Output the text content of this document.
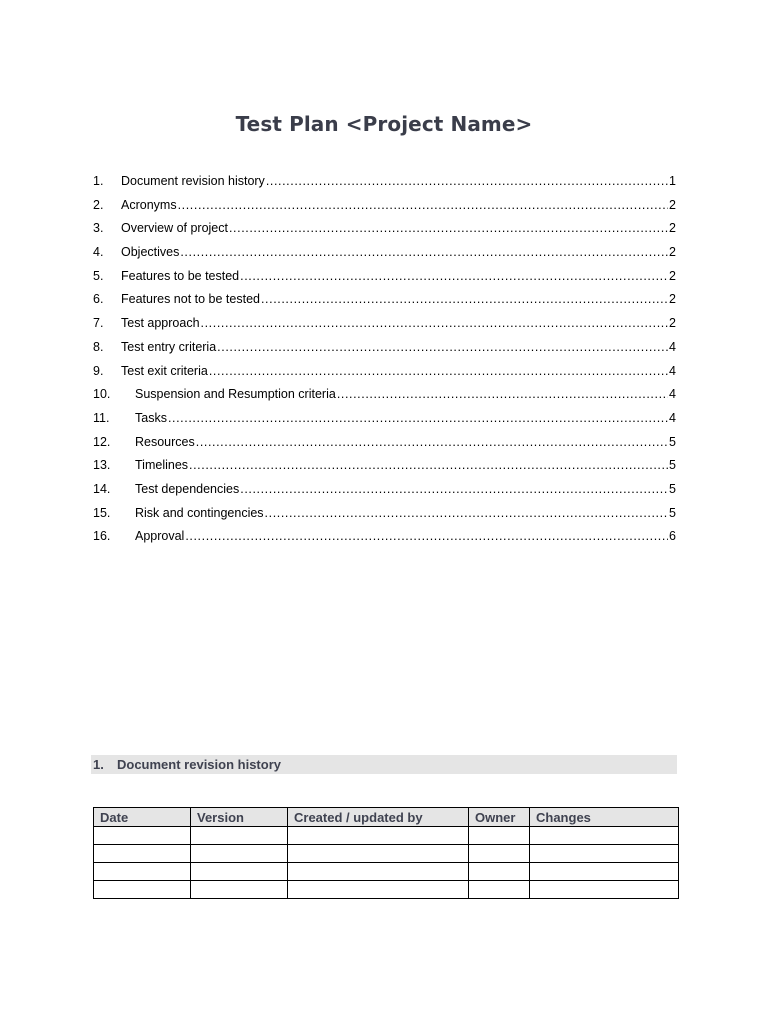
Test Plan <Project Name>
1.	Document revision history .....	1
2.	Acronyms .....	2
3.	Overview of project .....	2
4.	Objectives .....	2
5.	Features to be tested .....	2
6.	Features not to be tested .....	2
7.	Test approach .....	2
8.	Test entry criteria .....	4
9.	Test exit criteria .....	4
10.	Suspension and Resumption criteria .....	4
11.	Tasks .....	4
12.	Resources .....	5
13.	Timelines .....	5
14.	Test dependencies .....	5
15.	Risk and contingencies .....	5
16.	Approval .....	6
1. Document revision history
Date	Version	Created / updated by	Owner	Changes
